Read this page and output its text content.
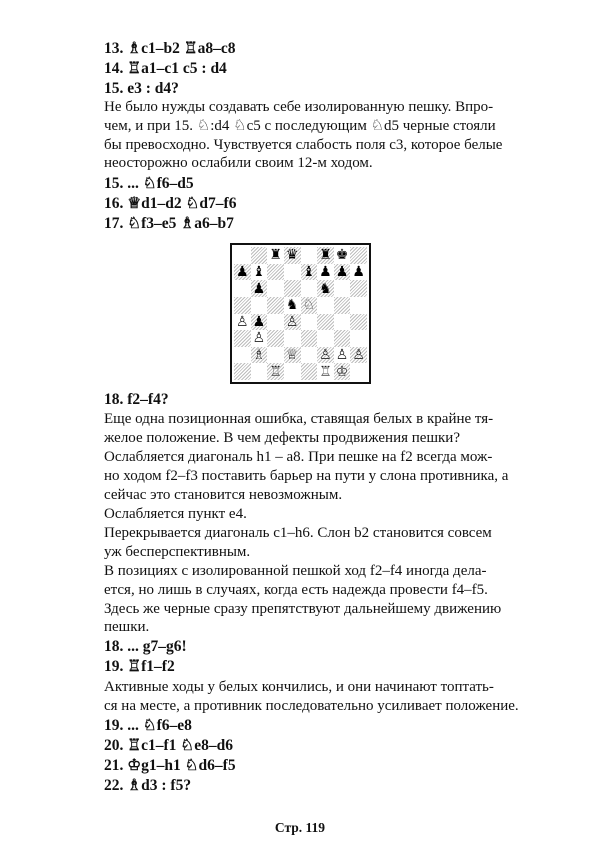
13. ♗c1–b2 ♖a8–c8
14. ♖a1–c1 c5 : d4
15. e3 : d4?
Не было нужды создавать себе изолированную пешку. Впро-
чем, и при 15. ♘:d4 ♘c5 с последующим ♘d5 черные стояли
бы превосходно. Чувствуется слабость поля c3, которое белые
неосторожно ослабили своим 12-м ходом.
15. ... ♘f6–d5
16. ♕d1–d2 ♘d7–f6
17. ♘f3–e5 ♗a6–b7
♜ ♛ ♜ ♚
♟ ♝	♝ ♟ ♟ ♟
♟	♞
♞ ♘
♙ ♟ ♙
♙
♗ ♕ ♙ ♙ ♙
♖	♖ ♔
18. f2–f4?
Еще одна позиционная ошибка, ставящая белых в крайне тя-
желое положение. В чем дефекты продвижения пешки?
Ослабляется диагональ h1 – a8. При пешке на f2 всегда мож-
но ходом f2–f3 поставить барьер на пути у слона противника, а
сейчас это становится невозможным.
Ослабляется пункт е4.
Перекрывается диагональ c1–h6. Слон b2 становится совсем
уж бесперспективным.
В позициях с изолированной пешкой ход f2–f4 иногда дела-
ется, но лишь в случаях, когда есть надежда провести f4–f5.
Здесь же черные сразу препятствуют дальнейшему движению
пешки.
18. ... g7–g6!
19. ♖f1–f2
Активные ходы у белых кончились, и они начинают топтать-
ся на месте, а противник последовательно усиливает положение.
19. ... ♘f6–e8
20. ♖c1–f1 ♘e8–d6
21. ♔g1–h1 ♘d6–f5
22. ♗d3 : f5?
Стр. 119
